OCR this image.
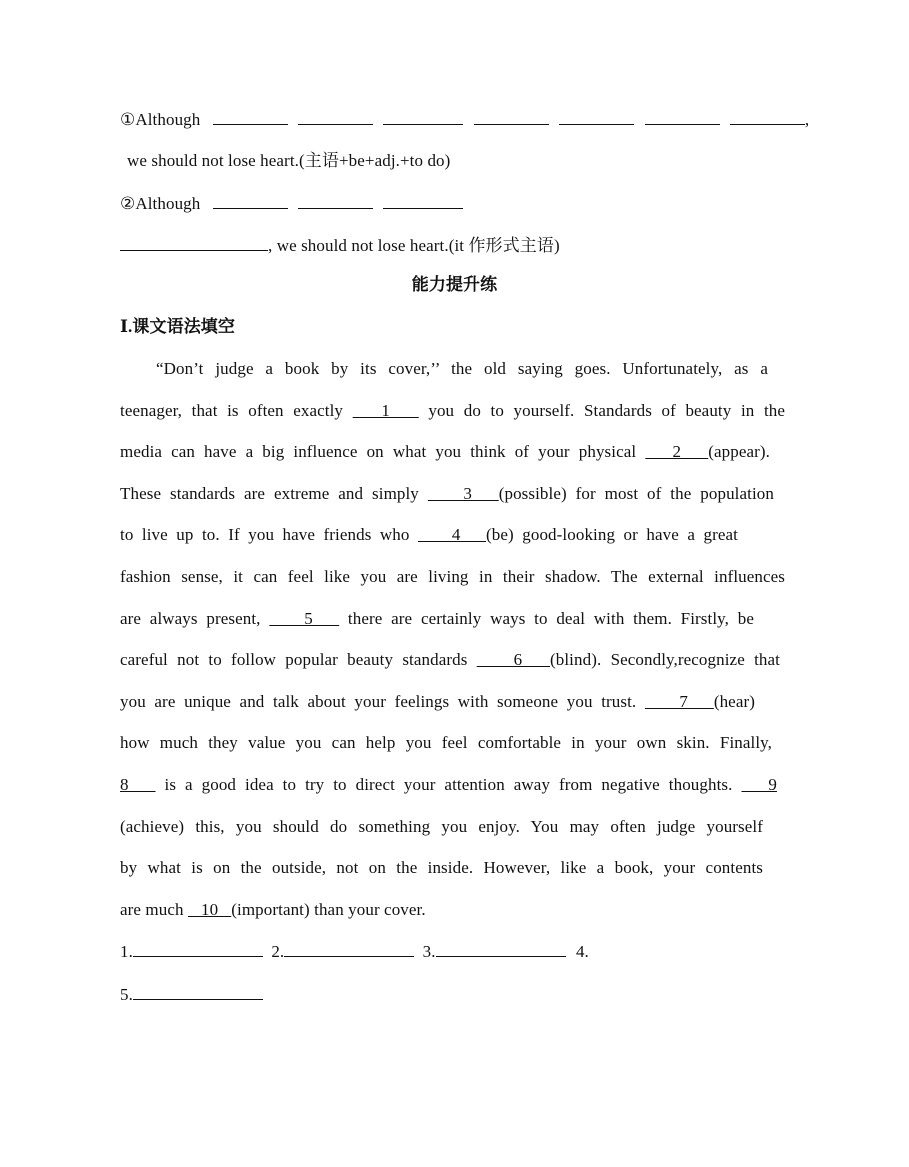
①Although	,
we should not lose heart.(主语+be+adj.+to do)
②Although
, we should not lose heart.(it 作形式主语)
能力提升练
Ⅰ.课文语法填空
“Don’t judge a book by its cover,’’ the old saying goes. Unfortunately, as a
teenager, that is often exactly    1    you do to yourself. Standards of beauty in the
media can have a big influence on what you think of your physical    2   (appear).
These standards are extreme and simply     3   (possible) for most of the population
to live up to. If you have friends who     4   (be) good-looking or have a great
fashion sense, it can feel like you are living in their shadow. The external influences
are always present,     5    there are certainly ways to deal with them. Firstly, be
careful not to follow popular beauty standards     6   (blind). Secondly,recognize that
you are unique and talk about your feelings with someone you trust.     7   (hear)
how much they value you can help you feel comfortable in your own skin. Finally,
8    is a good idea to try to direct your attention away from negative thoughts.    9
(achieve) this, you should do something you enjoy. You may often judge yourself
by what is on the outside, not on the inside. However, like a book, your contents
are much    10   (important) than your cover.
1.	2.	3.	4.
5.
